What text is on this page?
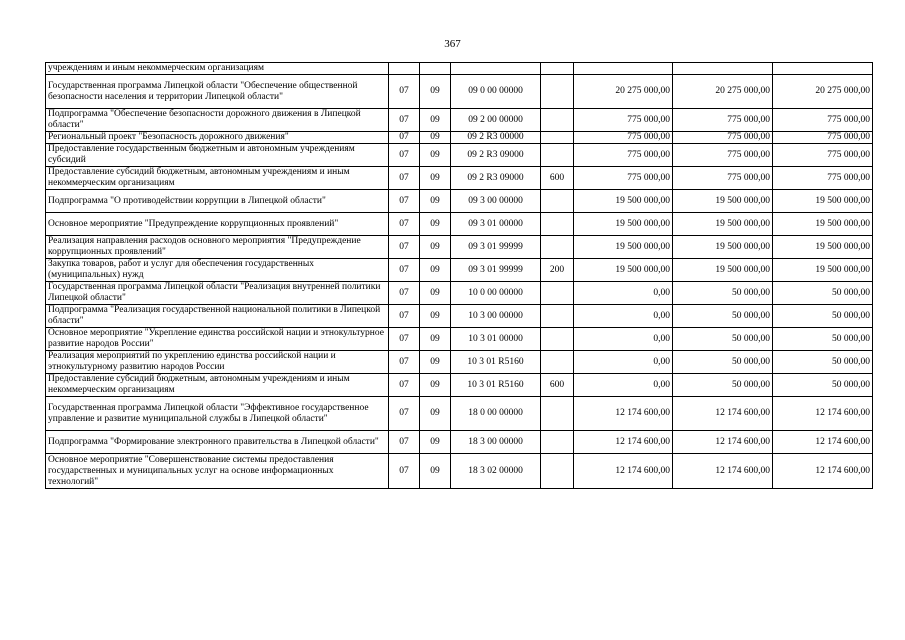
367
учреждениям и иным некоммерческим организациям							
Государственная программа Липецкой области "Обеспечение общественной безопасности населения и территории Липецкой области"	07	09	09 0 00 00000		20 275 000,00	20 275 000,00	20 275 000,00
Подпрограмма "Обеспечение безопасности дорожного движения в Липецкой области"	07	09	09 2 00 00000		775 000,00	775 000,00	775 000,00
Региональный проект "Безопасность дорожного движения"	07	09	09 2 R3 00000		775 000,00	775 000,00	775 000,00
Предоставление государственным бюджетным и автономным учреждениям субсидий	07	09	09 2 R3 09000		775 000,00	775 000,00	775 000,00
Предоставление субсидий бюджетным, автономным учреждениям и иным некоммерческим организациям	07	09	09 2 R3 09000	600	775 000,00	775 000,00	775 000,00
Подпрограмма "О противодействии коррупции в Липецкой области"	07	09	09 3 00 00000		19 500 000,00	19 500 000,00	19 500 000,00
Основное мероприятие "Предупреждение коррупционных проявлений"	07	09	09 3 01 00000		19 500 000,00	19 500 000,00	19 500 000,00
Реализация направления расходов основного мероприятия "Предупреждение коррупционных проявлений"	07	09	09 3 01 99999		19 500 000,00	19 500 000,00	19 500 000,00
Закупка товаров, работ и услуг для обеспечения государственных (муниципальных) нужд	07	09	09 3 01 99999	200	19 500 000,00	19 500 000,00	19 500 000,00
Государственная программа Липецкой области "Реализация внутренней политики Липецкой области"	07	09	10 0 00 00000		0,00	50 000,00	50 000,00
Подпрограмма "Реализация государственной национальной политики в Липецкой области"	07	09	10 3 00 00000		0,00	50 000,00	50 000,00
Основное мероприятие "Укрепление единства российской нации и этнокультурное развитие народов России"	07	09	10 3 01 00000		0,00	50 000,00	50 000,00
Реализация мероприятий по укреплению единства российской нации и этнокультурному развитию народов России	07	09	10 3 01 R5160		0,00	50 000,00	50 000,00
Предоставление субсидий бюджетным, автономным учреждениям и иным некоммерческим организациям	07	09	10 3 01 R5160	600	0,00	50 000,00	50 000,00
Государственная программа Липецкой области "Эффективное государственное управление и развитие муниципальной службы в Липецкой области"	07	09	18 0 00 00000		12 174 600,00	12 174 600,00	12 174 600,00
Подпрограмма "Формирование электронного правительства в Липецкой области"	07	09	18 3 00 00000		12 174 600,00	12 174 600,00	12 174 600,00
Основное мероприятие "Совершенствование системы предоставления государственных и муниципальных услуг на основе информационных технологий"	07	09	18 3 02 00000		12 174 600,00	12 174 600,00	12 174 600,00
